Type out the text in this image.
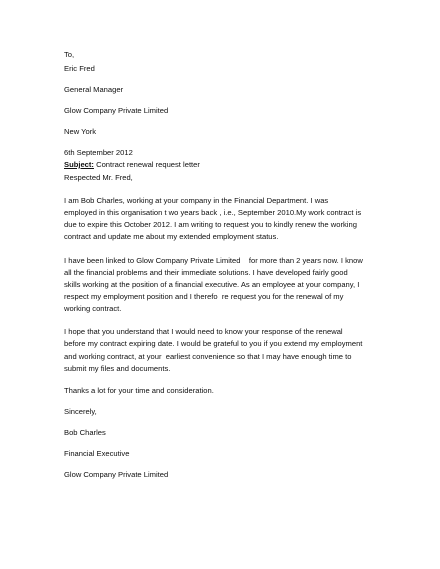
To,
Eric Fred
General Manager
Glow Company Private Limited
New York
6th September 2012
Subject: Contract renewal request letter
Respected Mr. Fred,
I am Bob Charles, working at your company in the Financial Department. I was
employed in this organisation t wo years back , i.e., September 2010.My work contract is
due to expire this October 2012. I am writing to request you to kindly renew the working
contract and update me about my extended employment status.
I have been linked to Glow Company Private Limited    for more than 2 years now. I know
all the financial problems and their immediate solutions. I have developed fairly good
skills working at the position of a financial executive. As an employee at your company, I
respect my employment position and I therefo  re request you for the renewal of my
working contract.
I hope that you understand that I would need to know your response of the renewal
before my contract expiring date. I would be grateful to you if you extend my employment
and working contract, at your  earliest convenience so that I may have enough time to
submit my files and documents.
Thanks a lot for your time and consideration.
Sincerely,
Bob Charles
Financial Executive
Glow Company Private Limited
